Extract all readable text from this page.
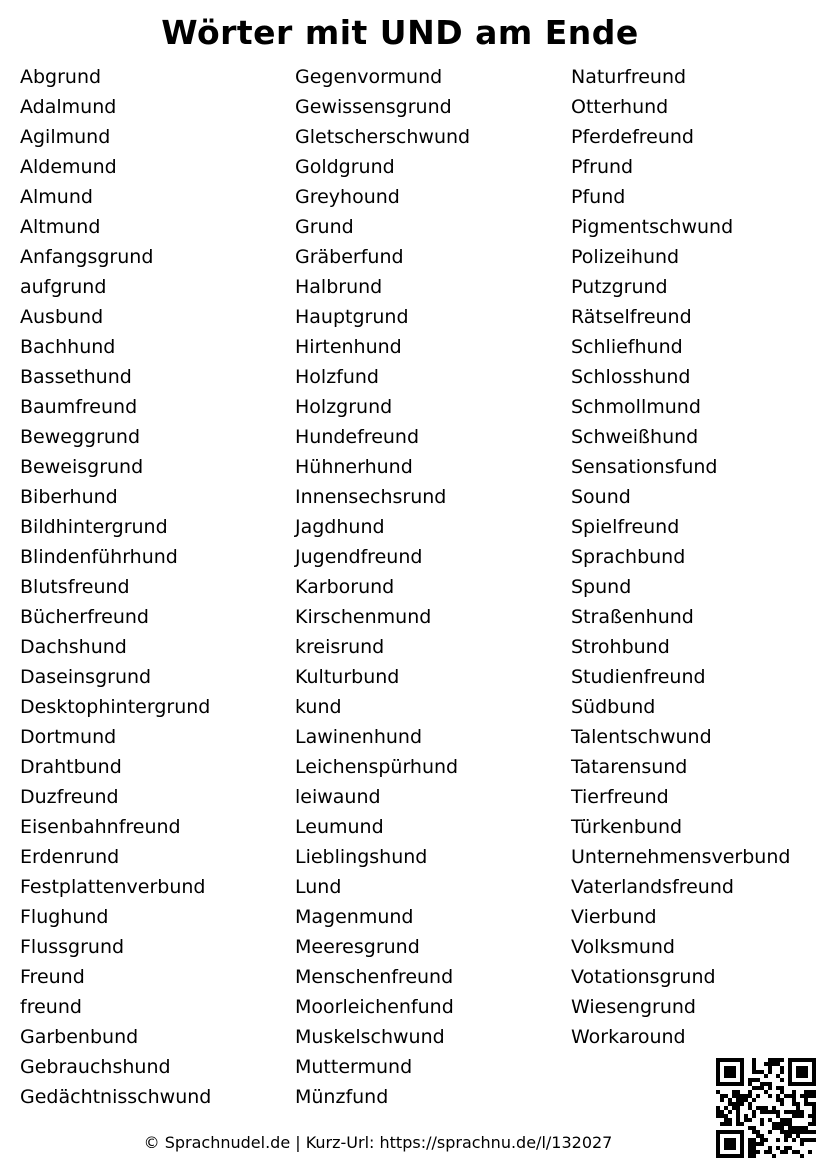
Wörter mit UND am Ende
Abgrund
Adalmund
Agilmund
Aldemund
Almund
Altmund
Anfangsgrund
aufgrund
Ausbund
Bachhund
Bassethund
Baumfreund
Beweggrund
Beweisgrund
Biberhund
Bildhintergrund
Blindenführhund
Blutsfreund
Bücherfreund
Dachshund
Daseinsgrund
Desktophintergrund
Dortmund
Drahtbund
Duzfreund
Eisenbahnfreund
Erdenrund
Festplattenverbund
Flughund
Flussgrund
Freund
freund
Garbenbund
Gebrauchshund
Gedächtnisschwund
Gegenvormund
Gewissensgrund
Gletscherschwund
Goldgrund
Greyhound
Grund
Gräberfund
Halbrund
Hauptgrund
Hirtenhund
Holzfund
Holzgrund
Hundefreund
Hühnerhund
Innensechsrund
Jagdhund
Jugendfreund
Karborund
Kirschenmund
kreisrund
Kulturbund
kund
Lawinenhund
Leichenspürhund
leiwaund
Leumund
Lieblingshund
Lund
Magenmund
Meeresgrund
Menschenfreund
Moorleichenfund
Muskelschwund
Muttermund
Münzfund
Naturfreund
Otterhund
Pferdefreund
Pfrund
Pfund
Pigmentschwund
Polizeihund
Putzgrund
Rätselfreund
Schliefhund
Schlosshund
Schmollmund
Schweißhund
Sensationsfund
Sound
Spielfreund
Sprachbund
Spund
Straßenhund
Strohbund
Studienfreund
Südbund
Talentschwund
Tatarensund
Tierfreund
Türkenbund
Unternehmensverbund
Vaterlandsfreund
Vierbund
Volksmund
Votationsgrund
Wiesengrund
Workaround
© Sprachnudel.de | Kurz-Url: https://sprachnu.de/l/132027
